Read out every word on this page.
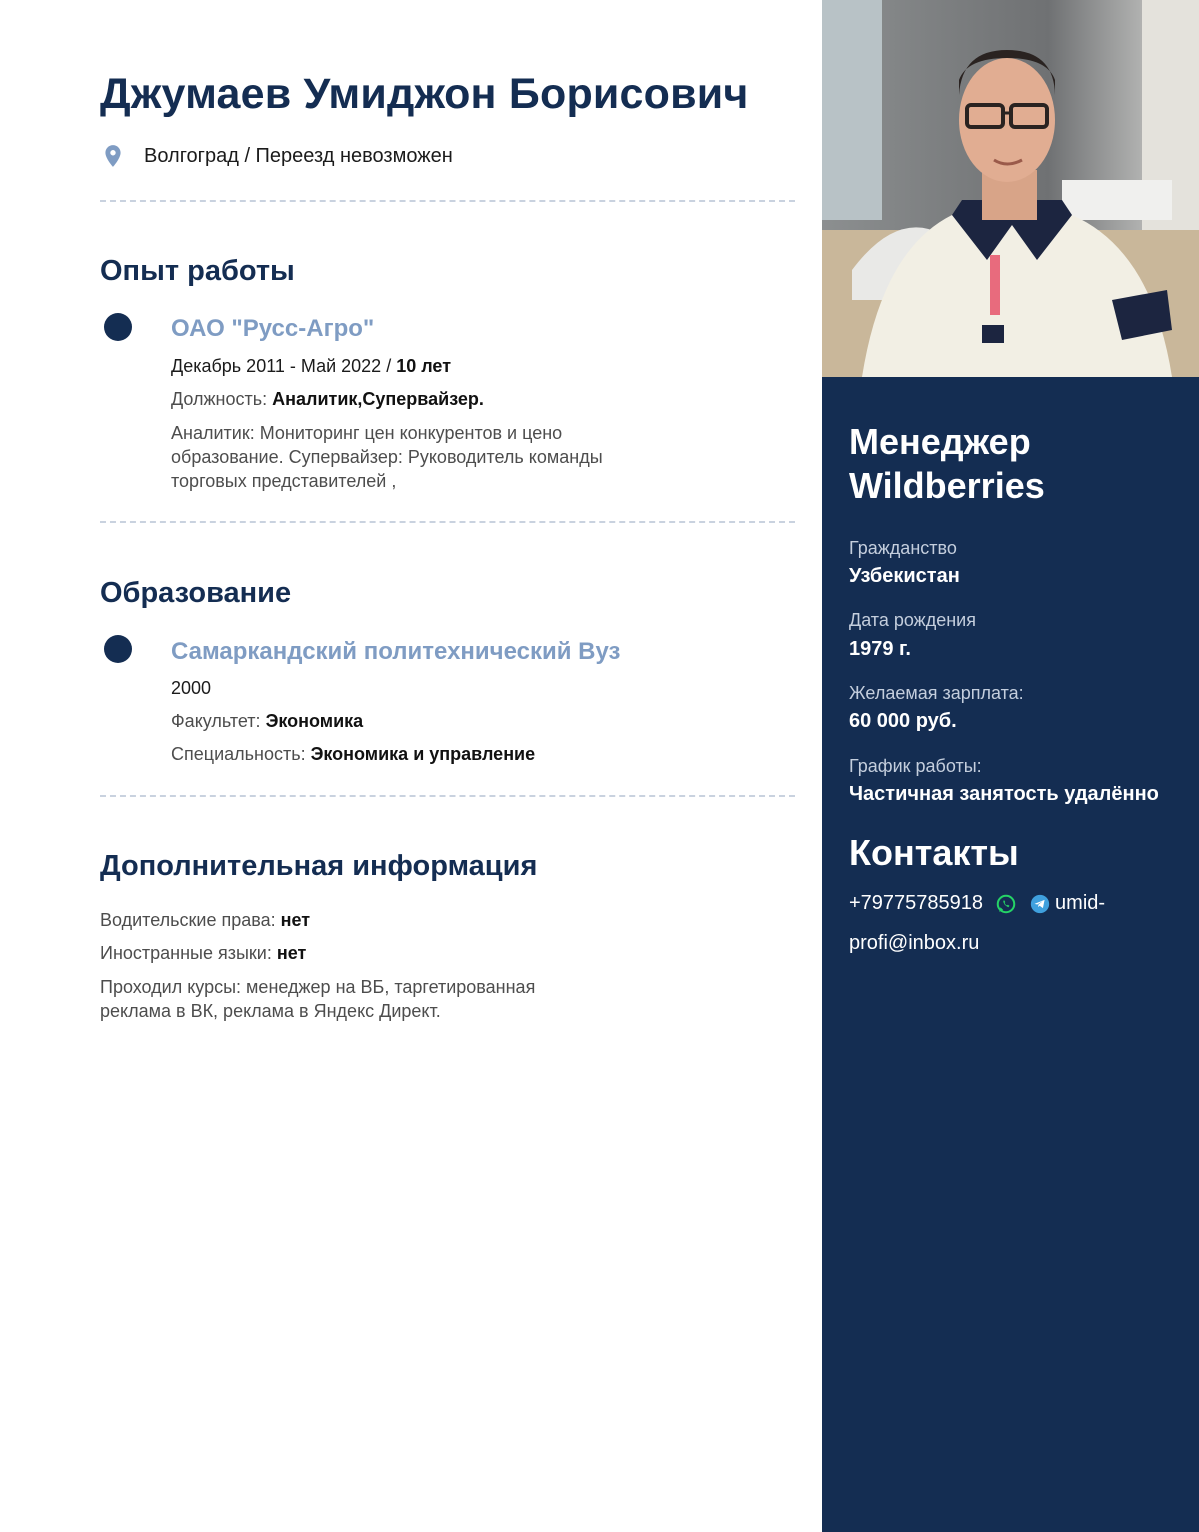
Джумаев Умиджон Борисович
Волгоград / Переезд невозможен
Опыт работы
ОАО "Русс-Агро"
Декабрь 2011 - Май 2022 / 10 лет
Должность: Аналитик,Супервайзер.
Аналитик: Мониторинг цен конкурентов и цено
образование. Супервайзер: Руководитель команды
торговых представителей ,
Образование
Самаркандский политехнический Вуз
2000
Факультет: Экономика
Специальность: Экономика и управление
Дополнительная информация
Водительские права: нет
Иностранные языки: нет
Проходил курсы: менеджер на ВБ, таргетированная
реклама в ВК, реклама в Яндекс Директ.
Менеджер
Wildberries
Гражданство
Узбекистан
Дата рождения
1979 г.
Желаемая зарплата:
60 000 руб.
График работы:
Частичная занятость удалённо
Контакты
+79775785918	umid-
profi@inbox.ru
